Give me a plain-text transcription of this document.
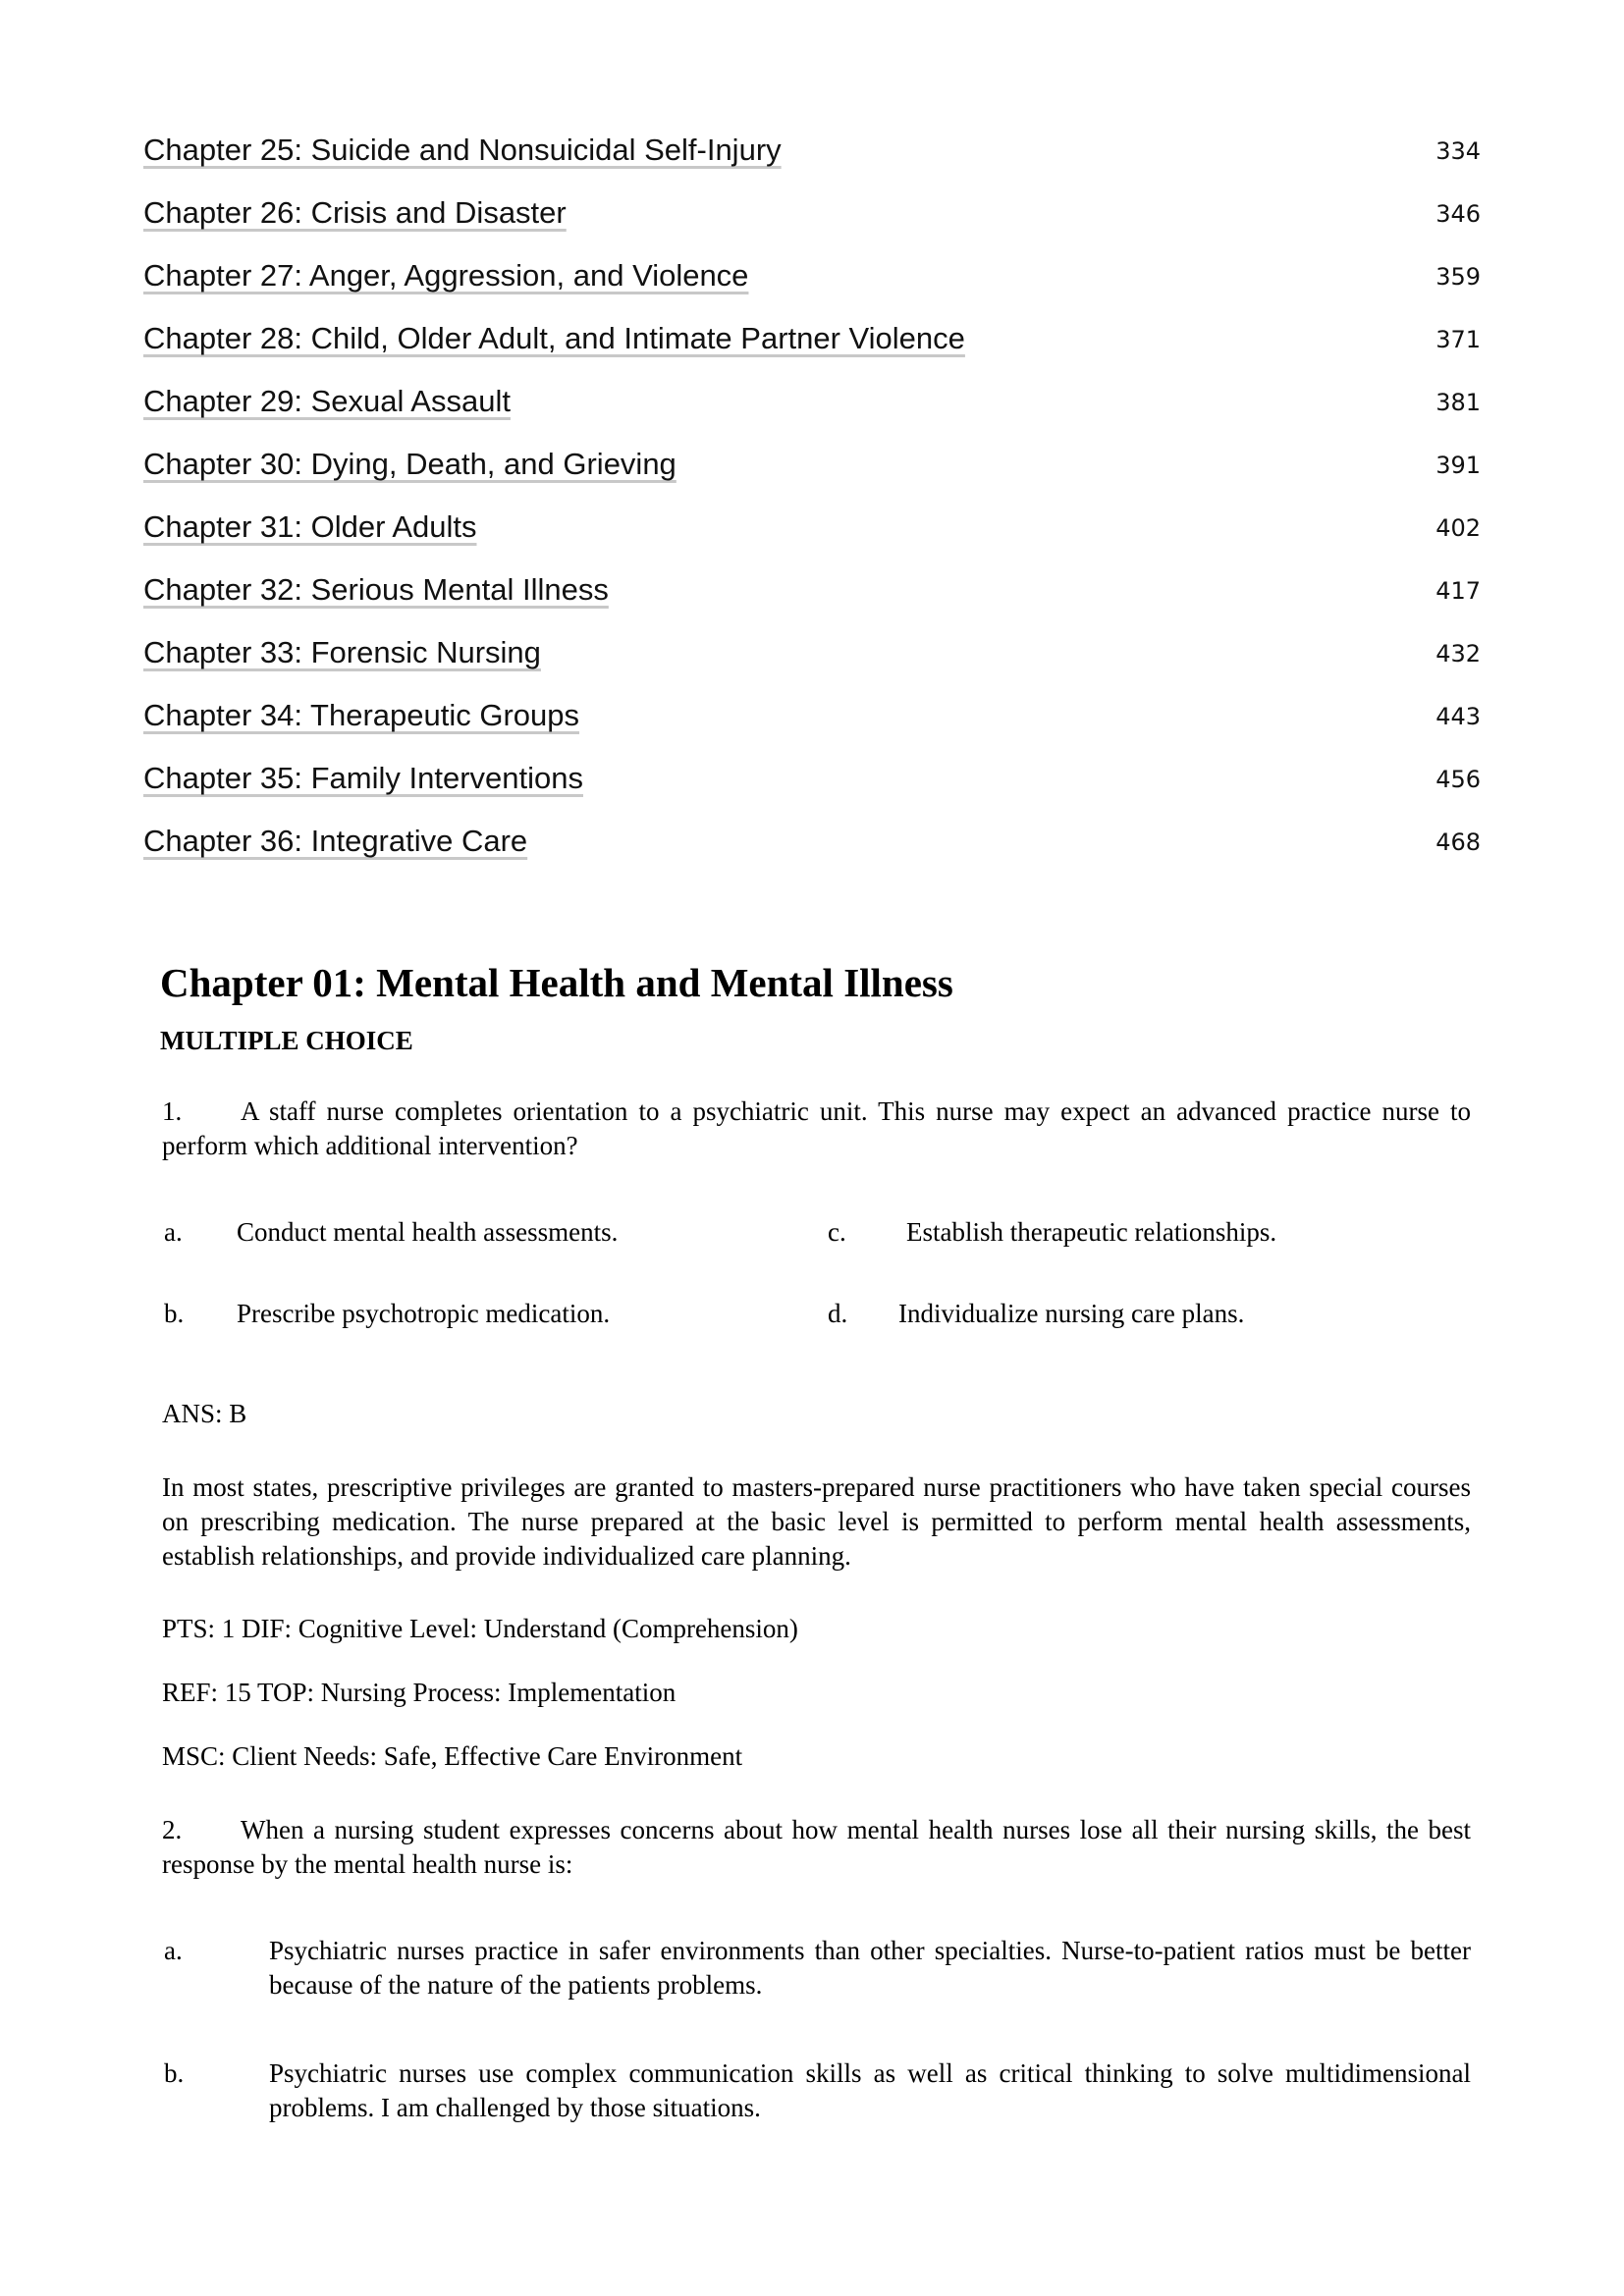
Chapter 25: Suicide and Nonsuicidal Self-Injury	334
Chapter 26: Crisis and Disaster	346
Chapter 27: Anger, Aggression, and Violence	359
Chapter 28: Child, Older Adult, and Intimate Partner Violence	371
Chapter 29: Sexual Assault	381
Chapter 30: Dying, Death, and Grieving	391
Chapter 31: Older Adults	402
Chapter 32: Serious Mental Illness	417
Chapter 33: Forensic Nursing	432
Chapter 34: Therapeutic Groups	443
Chapter 35: Family Interventions	456
Chapter 36: Integrative Care	468
Chapter 01: Mental Health and Mental Illness
MULTIPLE CHOICE
1.	A staff nurse completes orientation to a psychiatric unit. This nurse may expect an advanced practice nurse to perform which additional intervention?
a. Conduct mental health assessments.
b. Prescribe psychotropic medication.
c. Establish therapeutic relationships.
d. Individualize nursing care plans.
ANS: B
In most states, prescriptive privileges are granted to masters-prepared nurse practitioners who have taken special courses on prescribing medication. The nurse prepared at the basic level is permitted to perform mental health assessments, establish relationships, and provide individualized care planning.
PTS: 1 DIF: Cognitive Level: Understand (Comprehension)
REF: 15 TOP: Nursing Process: Implementation
MSC: Client Needs: Safe, Effective Care Environment
2.	When a nursing student expresses concerns about how mental health nurses lose all their nursing skills, the best response by the mental health nurse is:
a.	Psychiatric nurses practice in safer environments than other specialties. Nurse-to-patient ratios must be better because of the nature of the patients problems.
b.	Psychiatric nurses use complex communication skills as well as critical thinking to solve multidimensional problems. I am challenged by those situations.
